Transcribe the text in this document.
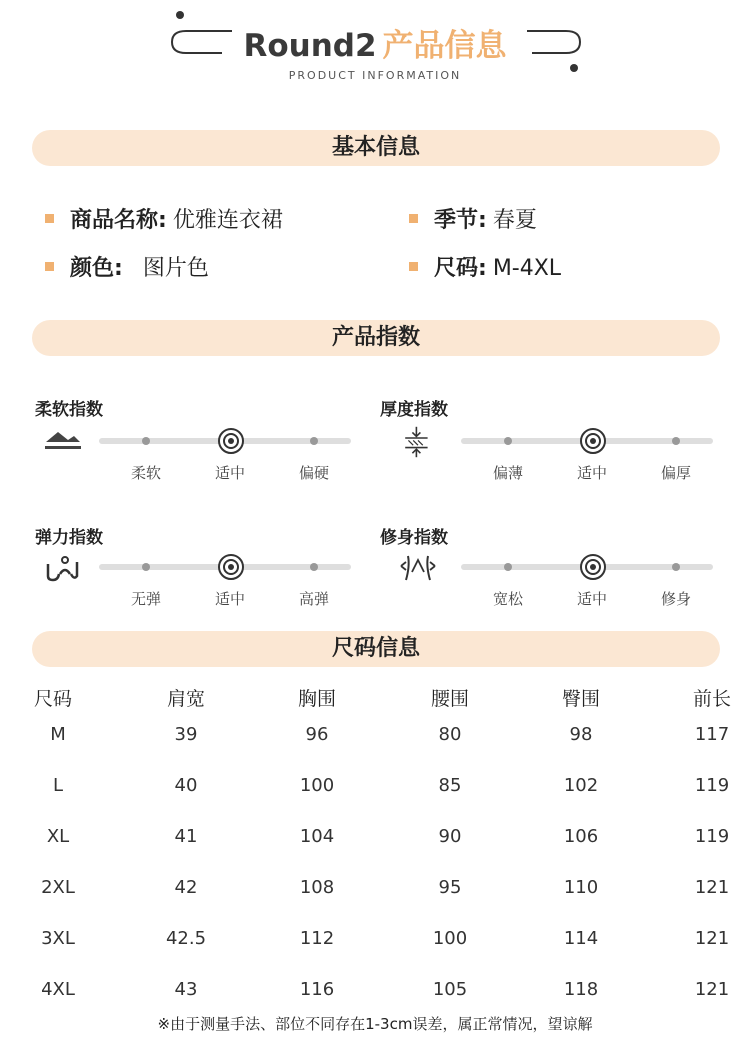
Round2 产品信息
PRODUCT INFORMATION
基本信息
商品名称: 优雅连衣裙	季节: 春夏
颜色: 图片色	尺码: M-4XL
产品指数
柔软指数
柔软	适中	偏硬
厚度指数
偏薄	适中	偏厚
弹力指数
无弹	适中	高弹
修身指数
宽松	适中	修身
尺码信息
尺码	肩宽	胸围	腰围	臀围	前长
M	39	96	80	98	117
L	40	100	85	102	119
XL	41	104	90	106	119
2XL	42	108	95	110	121
3XL	42.5	112	100	114	121
4XL	43	116	105	118	121
※由于测量手法、部位不同存在1-3cm误差，属正常情况，望谅解
